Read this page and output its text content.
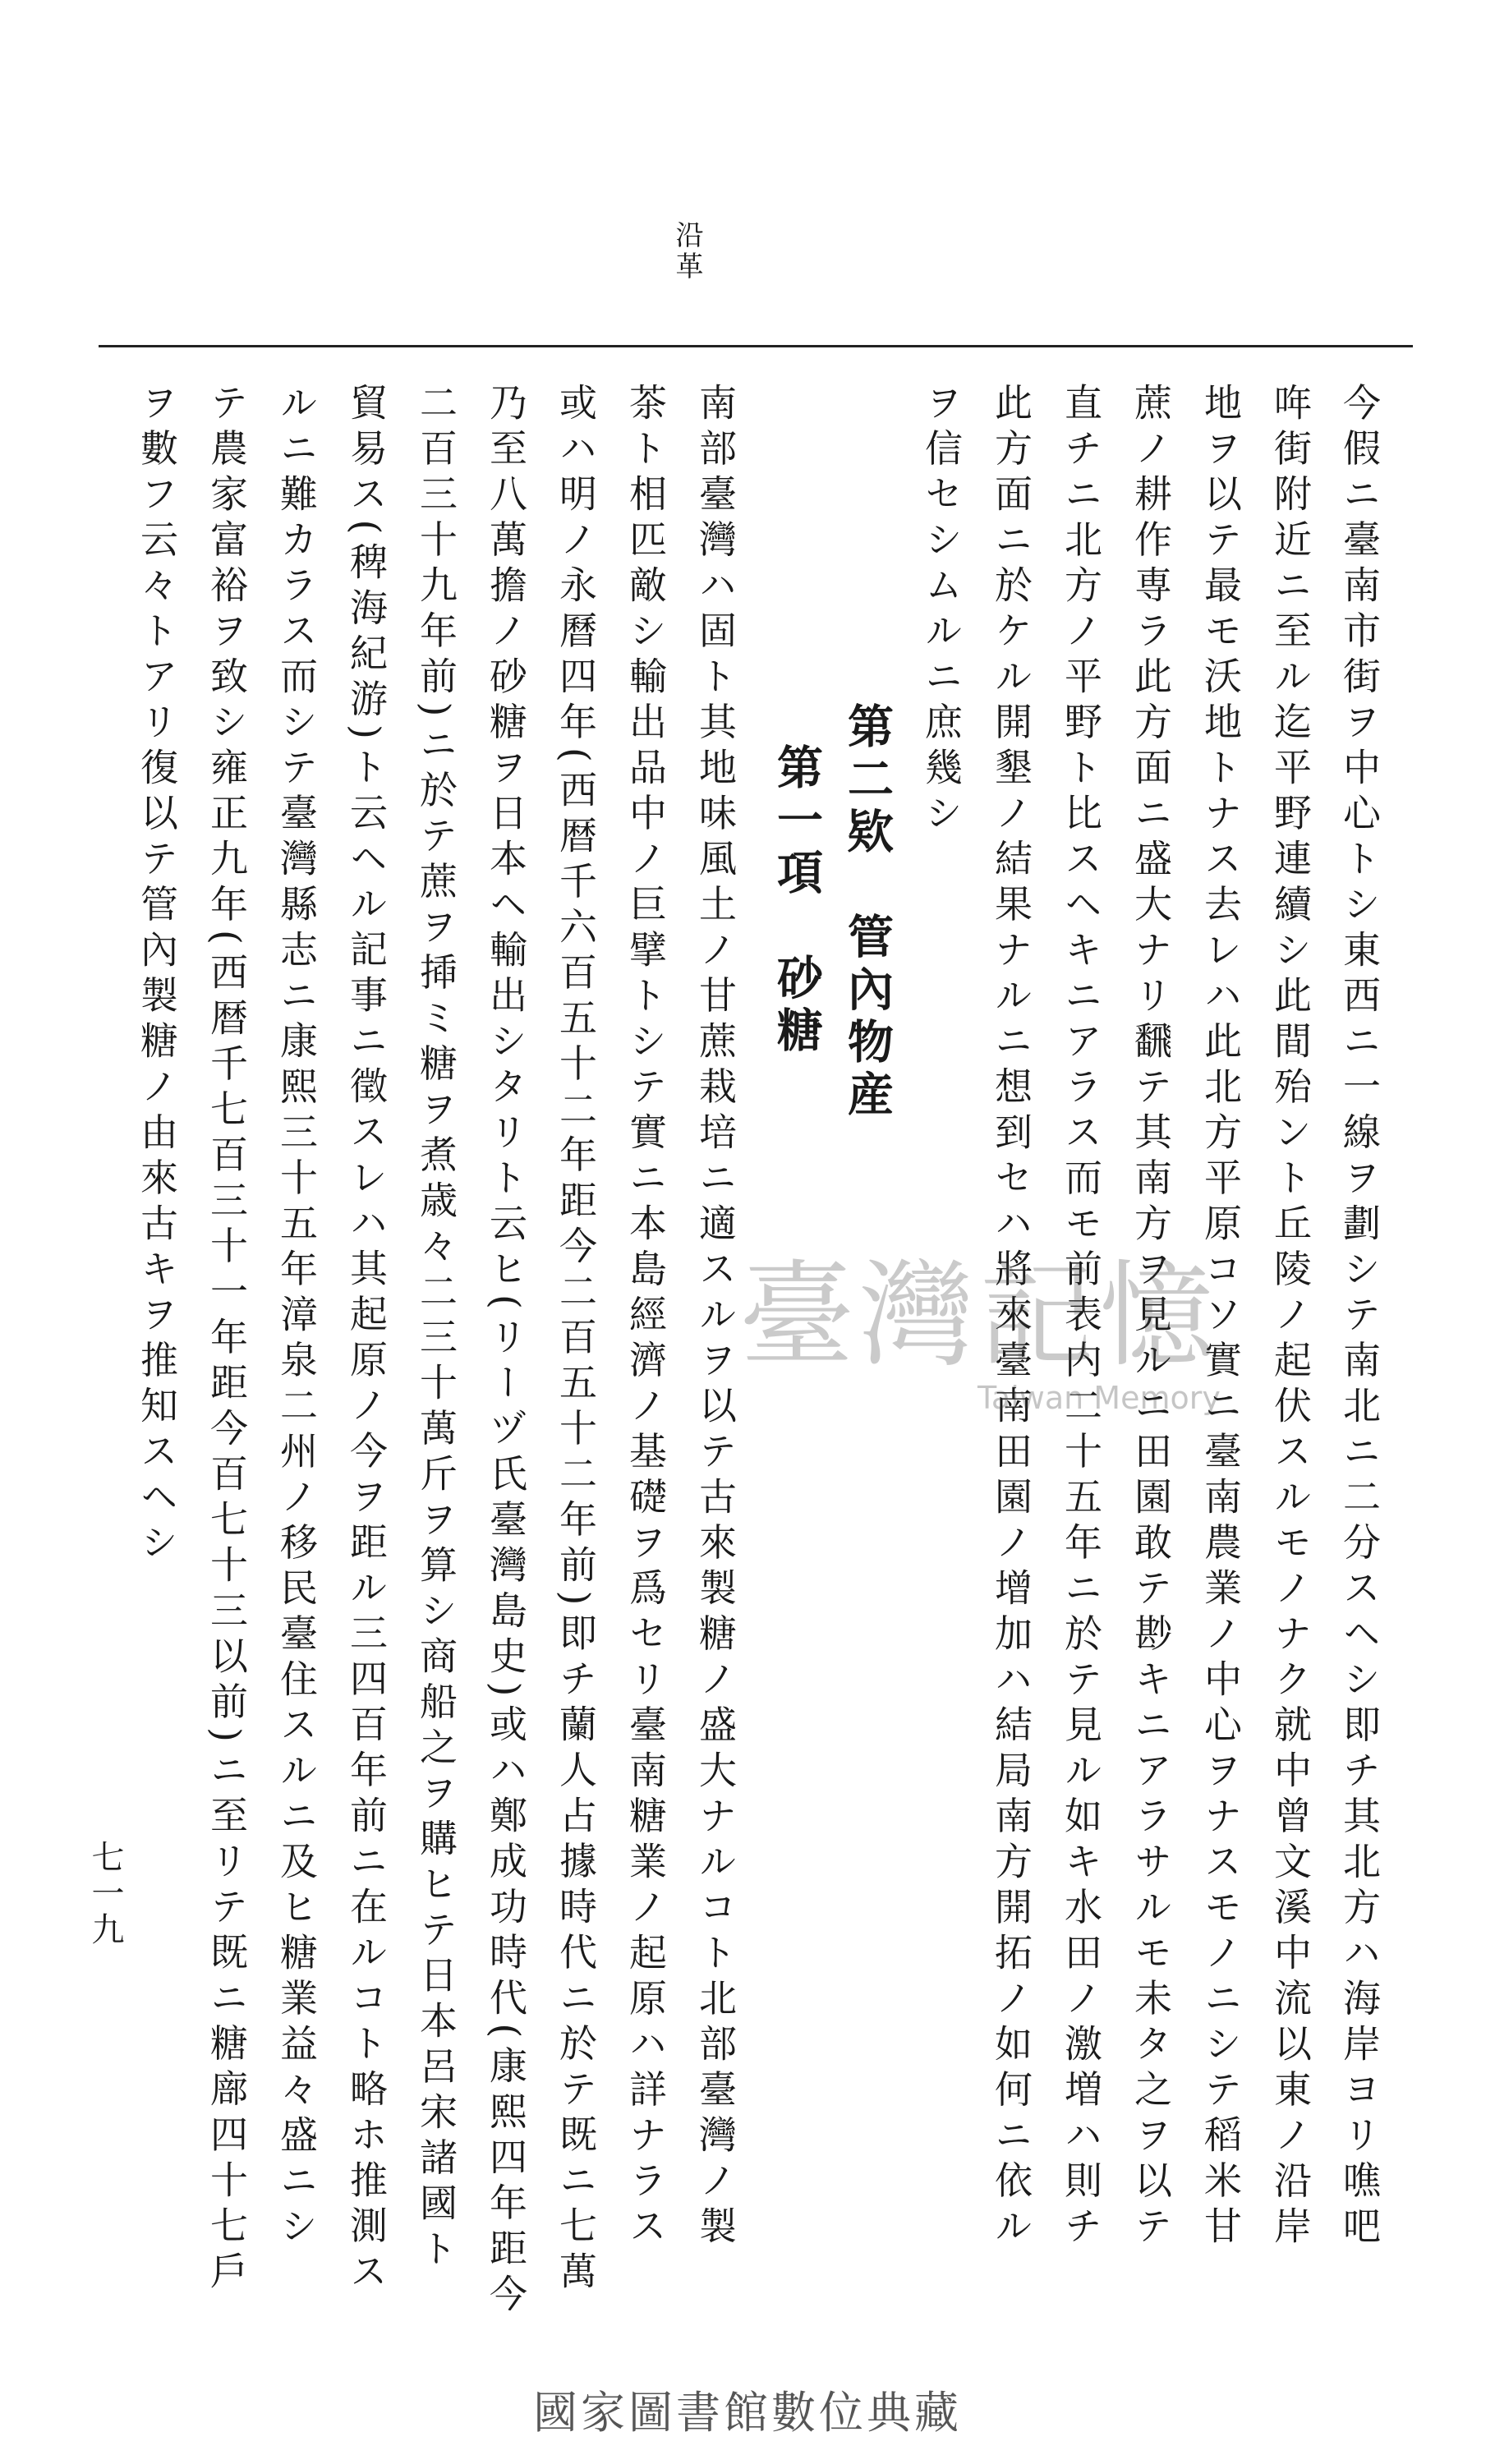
沿革
今假ニ臺南市街ヲ中心トシ東西ニ一線ヲ劃シテ南北ニ二分スヘシ即チ其北方ハ海岸ヨリ噍吧
哖街附近ニ至ル迄平野連續シ此間殆ント丘陵ノ起伏スルモノナク就中曾文溪中流以東ノ沿岸
地ヲ以テ最モ沃地トナス去レハ此北方平原コソ實ニ臺南農業ノ中心ヲナスモノニシテ稻米甘
蔗ノ耕作専ラ此方面ニ盛大ナリ飜テ其南方ヲ見ルニ田園敢テ尠キニアラサルモ未タ之ヲ以テ
直チニ北方ノ平野ト比スヘキニアラス而モ前表内二十五年ニ於テ見ル如キ水田ノ激増ハ則チ
此方面ニ於ケル開墾ノ結果ナルニ想到セハ將來臺南田園ノ增加ハ結局南方開拓ノ如何ニ依ル
ヲ信セシムルニ庶幾シ
第二欵　管內物産
第一項　砂糖
南部臺灣ハ固ト其地味風土ノ甘蔗栽培ニ適スルヲ以テ古來製糖ノ盛大ナルコト北部臺灣ノ製
茶ト相匹敵シ輸出品中ノ巨擘トシテ實ニ本島經濟ノ基礎ヲ爲セリ臺南糖業ノ起原ハ詳ナラス
或ハ明ノ永曆四年(西暦千六百五十二年距今二百五十二年前)即チ蘭人占據時代ニ於テ既ニ七萬
乃至八萬擔ノ砂糖ヲ日本ヘ輸出シタリト云ヒ(リーヅ氏臺灣島史)或ハ鄭成功時代(康熙四年距今
二百三十九年前)ニ於テ蔗ヲ揷ミ糖ヲ煮歳々二三十萬斤ヲ算シ商船之ヲ購ヒテ日本呂宋諸國ト
貿易ス(稗海紀游)ト云ヘル記事ニ徵スレハ其起原ノ今ヲ距ル三四百年前ニ在ルコト略ホ推測ス
ルニ難カラス而シテ臺灣縣志ニ康熙三十五年漳泉二州ノ移民臺住スルニ及ヒ糖業益々盛ニシ
テ農家富裕ヲ致シ雍正九年(西暦千七百三十一年距今百七十三以前)ニ至リテ既ニ糖廍四十七戶
ヲ數フ云々トアリ復以テ管內製糖ノ由來古キヲ推知スヘシ
七一九
臺灣記憶
Taiwan Memory
國家圖書館數位典藏
